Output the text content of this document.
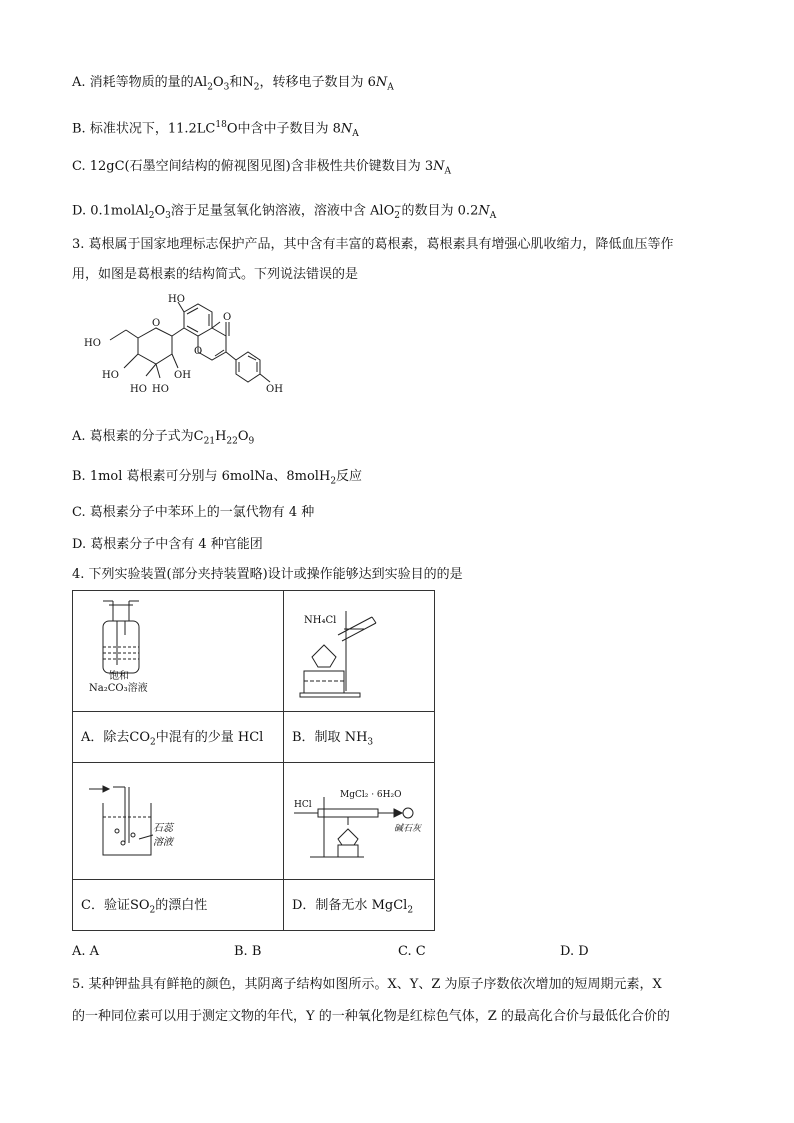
A. 消耗等物质的量的$Al_2O_3$和$N_2$，转移电子数目为 $6N_A$
B. 标准状况下，11.2LC$^{18}$O中含中子数目为 $8N_A$
C. 12gC(石墨空间结构的俯视图见图)含非极性共价键数目为 $3N_A$
D. $0.1molAl_2O_3$溶于足量氢氧化钠溶液，溶液中含 AlO$_2$−的数目为 $0.2N_A$
3. 葛根属于国家地理标志保护产品，其中含有丰富的葛根素，葛根素具有增强心肌收缩力，降低血压等作
用，如图是葛根素的结构简式。下列说法错误的是
O
O
O
HO
HO
HO
HO
OH
HO	OH
A. 葛根素的分子式为$C_{21}H_{22}O_9$
B. 1mol 葛根素可分别与 6molNa、8molH$_2$反应
C. 葛根素分子中苯环上的一氯代物有 4 种
D. 葛根素分子中含有 4 种官能团
4. 下列实验装置(部分夹持装置略)设计或操作能够达到实验目的的是
饱和
Na₂CO₃溶液	NH₄Cl

A．除去$CO_2$中混有的少量 HCl	B．制取 $NH_3$

石蕊
溶液	MgCl₂ · 6H₂O
HCl
碱石灰

C．验证$SO_2$的漂白性	D．制备无水 MgCl$_2$
A. A	B. B	C. C	D. D
5. 某种钾盐具有鲜艳的颜色，其阴离子结构如图所示。X、Y、Z 为原子序数依次增加的短周期元素，X
的一种同位素可以用于测定文物的年代，Y 的一种氧化物是红棕色气体，Z 的最高化合价与最低化合价的
